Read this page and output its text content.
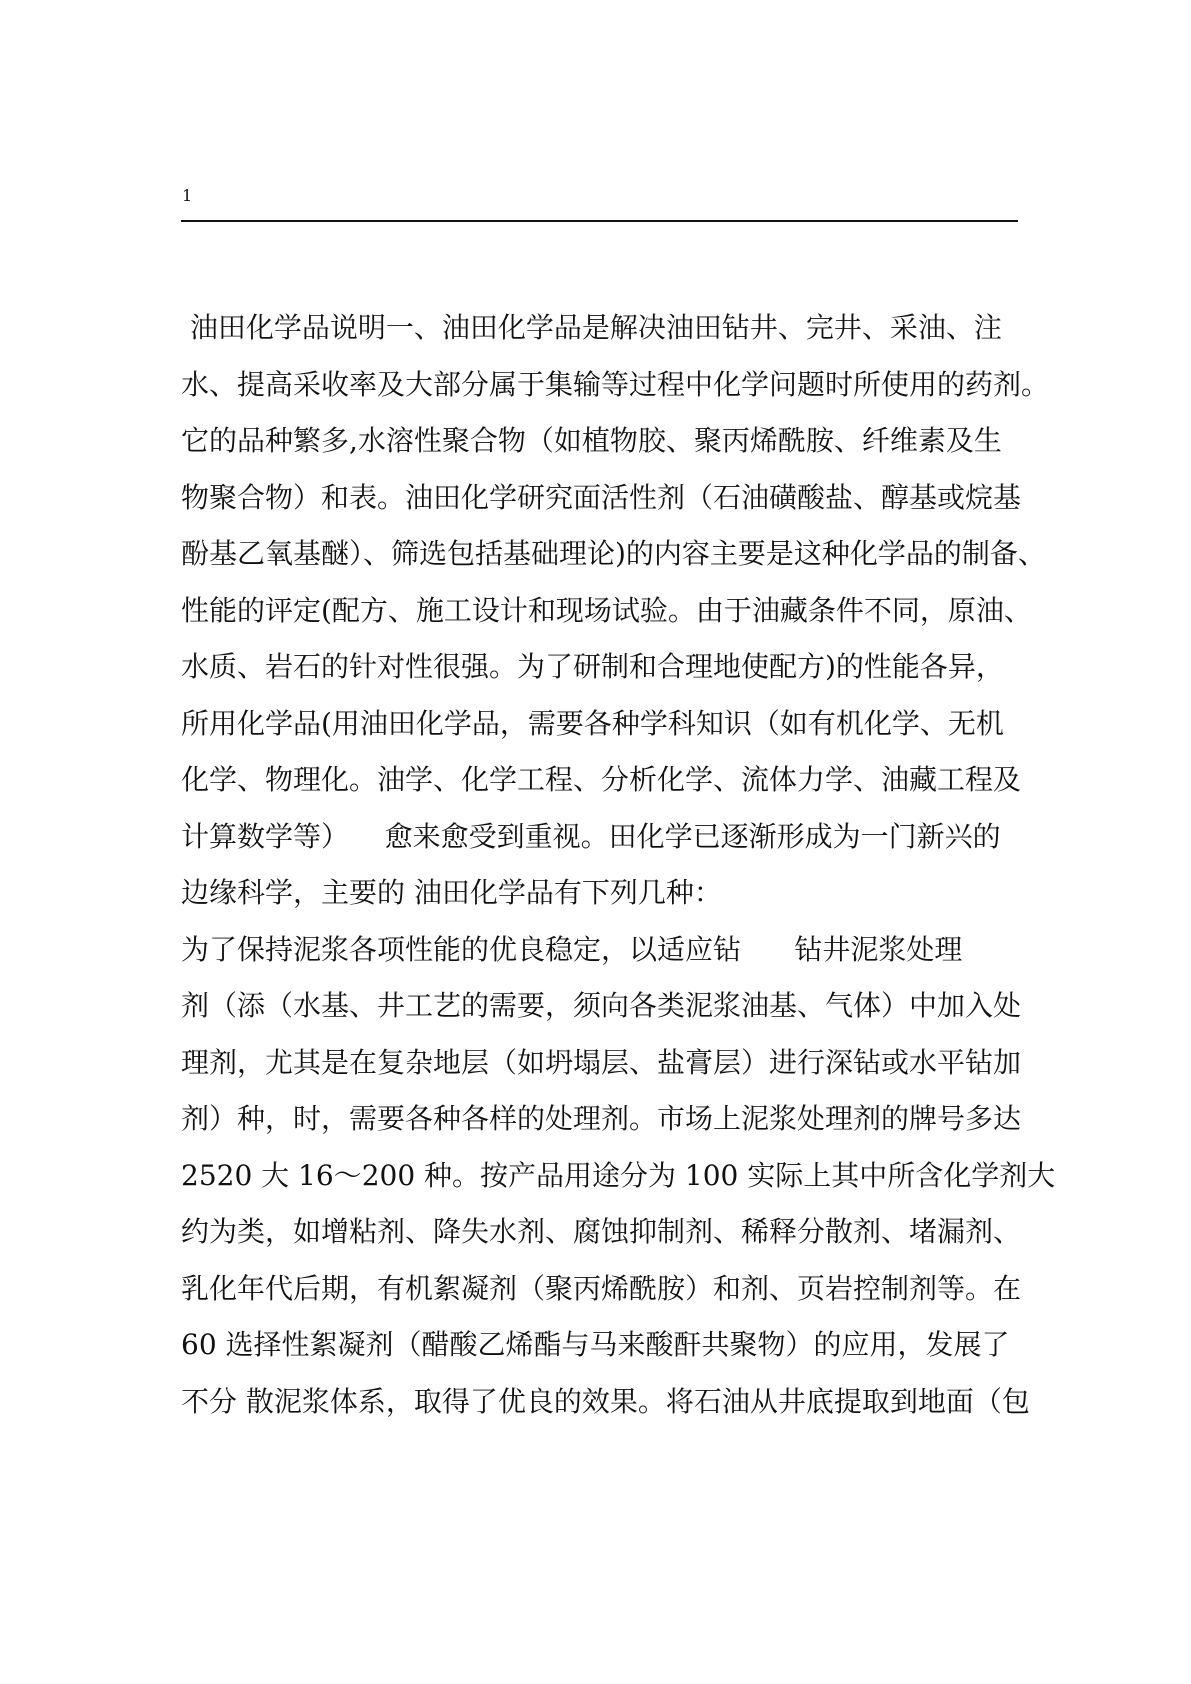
1
油田化学品说明一、油田化学品是解决油田钻井、完井、采油、注
水、提高采收率及大部分属于集输等过程中化学问题时所使用的药剂。
它的品种繁多,水溶性聚合物（如植物胶、聚丙烯酰胺、纤维素及生
物聚合物）和表。油田化学研究面活性剂（石油磺酸盐、醇基或烷基
酚基乙氧基醚）、筛选包括基础理论)的内容主要是这种化学品的制备、
性能的评定(配方、施工设计和现场试验。由于油藏条件不同，原油、
水质、岩石的针对性很强。为了研制和合理地使配方)的性能各异，
所用化学品(用油田化学品，需要各种学科知识（如有机化学、无机
化学、物理化。油学、化学工程、分析化学、流体力学、油藏工程及
计算数学等）    愈来愈受到重视。田化学已逐渐形成为一门新兴的
边缘科学，主要的 油田化学品有下列几种：
为了保持泥浆各项性能的优良稳定，以适应钻      钻井泥浆处理
剂（添（水基、井工艺的需要，须向各类泥浆油基、气体）中加入处
理剂，尤其是在复杂地层（如坍塌层、盐膏层）进行深钻或水平钻加
剂）种，时，需要各种各样的处理剂。市场上泥浆处理剂的牌号多达
2520 大 16～200 种。按产品用途分为 100 实际上其中所含化学剂大
约为类，如增粘剂、降失水剂、腐蚀抑制剂、稀释分散剂、堵漏剂、
乳化年代后期，有机絮凝剂（聚丙烯酰胺）和剂、页岩控制剂等。在
60 选择性絮凝剂（醋酸乙烯酯与马来酸酐共聚物）的应用，发展了
不分 散泥浆体系，取得了优良的效果。将石油从井底提取到地面（包
